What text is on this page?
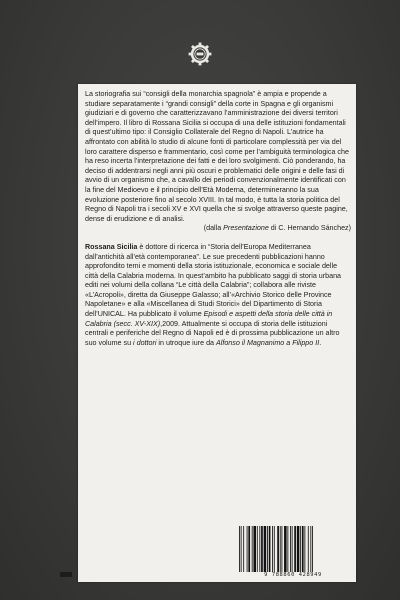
La storiografia sui “consigli della monarchia spagnola” è ampia e propende a studiare separatamente i “grandi consigli” della corte in Spagna e gli organismi giudiziari e di governo che caratterizzavano l’amministrazione dei diversi territori dell’impero. Il libro di Rossana Sicilia si occupa di una delle istituzioni fondamentali di quest’ultimo tipo: il Consiglio Collaterale del Regno di Napoli. L’autrice ha affrontato con abilità lo studio di alcune fonti di particolare complessità per via del loro carattere disperso e frammentario, così come per l’ambiguità terminologica che ha reso incerta l’interpretazione dei fatti e dei loro svolgimenti. Ciò ponderando, ha deciso di addentrarsi negli anni più oscuri e problematici delle origini e delle fasi di avvio di un organismo che, a cavallo dei periodi convenzionalmente identificati con la fine del Medioevo e il principio dell’Età Moderna, determineranno la sua evoluzione posteriore fino al secolo XVIII. In tal modo, è tutta la storia politica del Regno di Napoli tra i secoli XV e XVI quella che si svolge attraverso queste pagine, dense di erudizione e di analisi.

(dalla Presentazione di C. Hernando Sánchez)

Rossana Sicilia è dottore di ricerca in “Storia dell’Europa Mediterranea dall’antichità all’età contemporanea”. Le sue precedenti pubblicazioni hanno approfondito temi e momenti della storia istituzionale, economica e sociale delle città della Calabria moderna. In quest’ambito ha pubblicato saggi di storia urbana editi nei volumi della collana “Le città della Calabria”; collabora alle riviste «L’Acropoli», diretta da Giuseppe Galasso; all’«Archivio Storico delle Province Napoletane» e alla «Miscellanea di Studi Storici» del Dipartimento di Storia dell’UNICAL. Ha pubblicato il volume Episodi e aspetti della storia delle città in Calabria (secc. XV-XIX),2009. Attualmente si occupa di storia delle istituzioni centrali e periferiche del Regno di Napoli ed è di prossima pubblicazione un altro suo volume su i dottori in utroque iure da Alfonso il Magnanimo a Filippo II.

9 788860 428949
